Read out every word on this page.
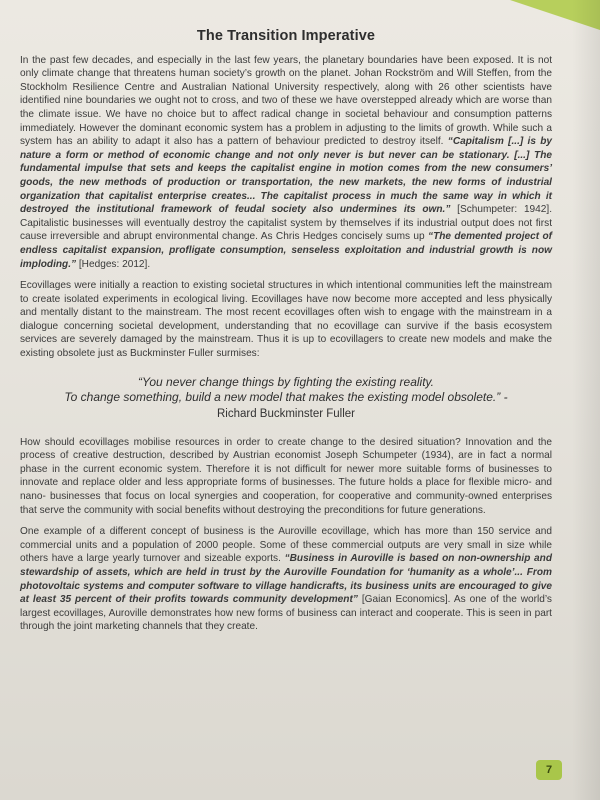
The Transition Imperative

In the past few decades, and especially in the last few years, the planetary boundaries have been exposed. It is not only climate change that threatens human society’s growth on the planet. Johan Rockström and Will Steffen, from the Stockholm Resilience Centre and Australian National University respectively, along with 26 other scientists have identified nine boundaries we ought not to cross, and two of these we have overstepped already which are worse than the climate issue. We have no choice but to affect radical change in societal behaviour and consumption patterns immediately. However the dominant economic system has a problem in adjusting to the limits of growth. While such a system has an ability to adapt it also has a pattern of behaviour predicted to destroy itself. “Capitalism [...] is by nature a form or method of economic change and not only never is but never can be stationary. [...] The fundamental impulse that sets and keeps the capitalist engine in motion comes from the new consumers’ goods, the new methods of production or transportation, the new markets, the new forms of industrial organization that capitalist enterprise creates... The capitalist process in much the same way in which it destroyed the institutional framework of feudal society also undermines its own.” [Schumpeter: 1942]. Capitalistic businesses will eventually destroy the capitalist system by themselves if its industrial output does not first cause irreversible and abrupt environmental change. As Chris Hedges concisely sums up “The demented project of endless capitalist expansion, profligate consumption, senseless exploitation and industrial growth is now imploding.” [Hedges: 2012].

Ecovillages were initially a reaction to existing societal structures in which intentional communities left the mainstream to create isolated experiments in ecological living. Ecovillages have now become more accepted and less physically and mentally distant to the mainstream. The most recent ecovillages often wish to engage with the mainstream in a dialogue concerning societal development, understanding that no ecovillage can survive if the basis ecosystem services are severely damaged by the mainstream. Thus it is up to ecovillagers to create new models and make the existing obsolete just as Buckminster Fuller surmises:

“You never change things by fighting the existing reality.
To change something, build a new model that makes the existing model obsolete.” -
Richard Buckminster Fuller

How should ecovillages mobilise resources in order to create change to the desired situation? Innovation and the process of creative destruction, described by Austrian economist Joseph Schumpeter (1934), are in fact a normal phase in the current economic system. Therefore it is not difficult for newer more suitable forms of businesses to innovate and replace older and less appropriate forms of businesses. The future holds a place for flexible micro- and nano- businesses that focus on local synergies and cooperation, for cooperative and community-owned enterprises that serve the community with social benefits without destroying the preconditions for future generations.

One example of a different concept of business is the Auroville ecovillage, which has more than 150 service and commercial units and a population of 2000 people. Some of these commercial outputs are very small in size while others have a large yearly turnover and sizeable exports. “Business in Auroville is based on non-ownership and stewardship of assets, which are held in trust by the Auroville Foundation for ‘humanity as a whole’... From photovoltaic systems and computer software to village handicrafts, its business units are encouraged to give at least 35 percent of their profits towards community development” [Gaian Economics]. As one of the world’s largest ecovillages, Auroville demonstrates how new forms of business can interact and cooperate. This is seen in part through the joint marketing channels that they create.

7
